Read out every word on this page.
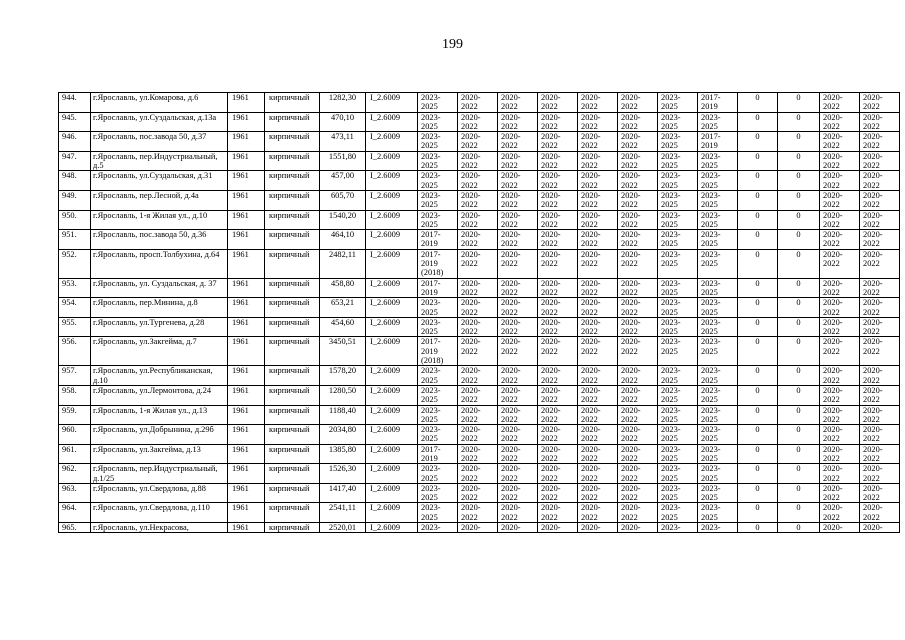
199
944.	г.Ярославль, ул.Комарова, д.6	1961	кирпичный	1282,30	I_2.6009	2023-2025	2020-2022	2020-2022	2020-2022	2020-2022	2020-2022	2023-2025	2017-2019	0	0	2020-2022	2020-2022
945.	г.Ярославль, ул.Суздальская, д.13а	1961	кирпичный	470,10	I_2.6009	2023-2025	2020-2022	2020-2022	2020-2022	2020-2022	2020-2022	2023-2025	2023-2025	0	0	2020-2022	2020-2022
946.	г.Ярославль, пос.завода 50, д.37	1961	кирпичный	473,11	I_2.6009	2023-2025	2020-2022	2020-2022	2020-2022	2020-2022	2020-2022	2023-2025	2017-2019	0	0	2020-2022	2020-2022
947.	г.Ярославль, пер.Индустриальный, д.5	1961	кирпичный	1551,80	I_2.6009	2023-2025	2020-2022	2020-2022	2020-2022	2020-2022	2020-2022	2023-2025	2023-2025	0	0	2020-2022	2020-2022
948.	г.Ярославль, ул.Суздальская, д.31	1961	кирпичный	457,00	I_2.6009	2023-2025	2020-2022	2020-2022	2020-2022	2020-2022	2020-2022	2023-2025	2023-2025	0	0	2020-2022	2020-2022
949.	г.Ярославль, пер.Лесной, д.4а	1961	кирпичный	605,70	I_2.6009	2023-2025	2020-2022	2020-2022	2020-2022	2020-2022	2020-2022	2023-2025	2023-2025	0	0	2020-2022	2020-2022
950.	г.Ярославль, 1-я Жилая ул., д.10	1961	кирпичный	1540,20	I_2.6009	2023-2025	2020-2022	2020-2022	2020-2022	2020-2022	2020-2022	2023-2025	2023-2025	0	0	2020-2022	2020-2022
951.	г.Ярославль, пос.завода 50, д.36	1961	кирпичный	464,10	I_2.6009	2017-2019	2020-2022	2020-2022	2020-2022	2020-2022	2020-2022	2023-2025	2023-2025	0	0	2020-2022	2020-2022
952.	г.Ярославль, просп.Толбухина, д.64	1961	кирпичный	2482,11	I_2.6009	2017-2019 (2018)	2020-2022	2020-2022	2020-2022	2020-2022	2020-2022	2023-2025	2023-2025	0	0	2020-2022	2020-2022
953.	г.Ярославль, ул. Суздальская, д. 37	1961	кирпичный	458,80	I_2.6009	2017-2019	2020-2022	2020-2022	2020-2022	2020-2022	2020-2022	2023-2025	2023-2025	0	0	2020-2022	2020-2022
954.	г.Ярославль, пер.Минина, д.8	1961	кирпичный	653,21	I_2.6009	2023-2025	2020-2022	2020-2022	2020-2022	2020-2022	2020-2022	2023-2025	2023-2025	0	0	2020-2022	2020-2022
955.	г.Ярославль, ул.Тургенева, д.28	1961	кирпичный	454,60	I_2.6009	2023-2025	2020-2022	2020-2022	2020-2022	2020-2022	2020-2022	2023-2025	2023-2025	0	0	2020-2022	2020-2022
956.	г.Ярославль, ул.Закгейма, д.7	1961	кирпичный	3450,51	I_2.6009	2017-2019 (2018)	2020-2022	2020-2022	2020-2022	2020-2022	2020-2022	2023-2025	2023-2025	0	0	2020-2022	2020-2022
957.	г.Ярославль, ул.Республиканская, д.10	1961	кирпичный	1578,20	I_2.6009	2023-2025	2020-2022	2020-2022	2020-2022	2020-2022	2020-2022	2023-2025	2023-2025	0	0	2020-2022	2020-2022
958.	г.Ярославль, ул.Лермонтова, д.24	1961	кирпичный	1280,50	I_2.6009	2023-2025	2020-2022	2020-2022	2020-2022	2020-2022	2020-2022	2023-2025	2023-2025	0	0	2020-2022	2020-2022
959.	г.Ярославль, 1-я Жилая ул., д.13	1961	кирпичный	1188,40	I_2.6009	2023-2025	2020-2022	2020-2022	2020-2022	2020-2022	2020-2022	2023-2025	2023-2025	0	0	2020-2022	2020-2022
960.	г.Ярославль, ул.Добрынина, д.29б	1961	кирпичный	2034,80	I_2.6009	2023-2025	2020-2022	2020-2022	2020-2022	2020-2022	2020-2022	2023-2025	2023-2025	0	0	2020-2022	2020-2022
961.	г.Ярославль, ул.Закгейма, д.13	1961	кирпичный	1385,80	I_2.6009	2017-2019	2020-2022	2020-2022	2020-2022	2020-2022	2020-2022	2023-2025	2023-2025	0	0	2020-2022	2020-2022
962.	г.Ярославль, пер.Индустриальный, д.1/25	1961	кирпичный	1526,30	I_2.6009	2023-2025	2020-2022	2020-2022	2020-2022	2020-2022	2020-2022	2023-2025	2023-2025	0	0	2020-2022	2020-2022
963.	г.Ярославль, ул.Свердлова, д.88	1961	кирпичный	1417,40	I_2.6009	2023-2025	2020-2022	2020-2022	2020-2022	2020-2022	2020-2022	2023-2025	2023-2025	0	0	2020-2022	2020-2022
964.	г.Ярославль, ул.Свердлова, д.110	1961	кирпичный	2541,11	I_2.6009	2023-2025	2020-2022	2020-2022	2020-2022	2020-2022	2020-2022	2023-2025	2023-2025	0	0	2020-2022	2020-2022
965.	г.Ярославль, ул.Некрасова,	1961	кирпичный	2520,01	I_2.6009	2023-	2020-	2020-	2020-	2020-	2020-	2023-	2023-	0	0	2020-	2020-
